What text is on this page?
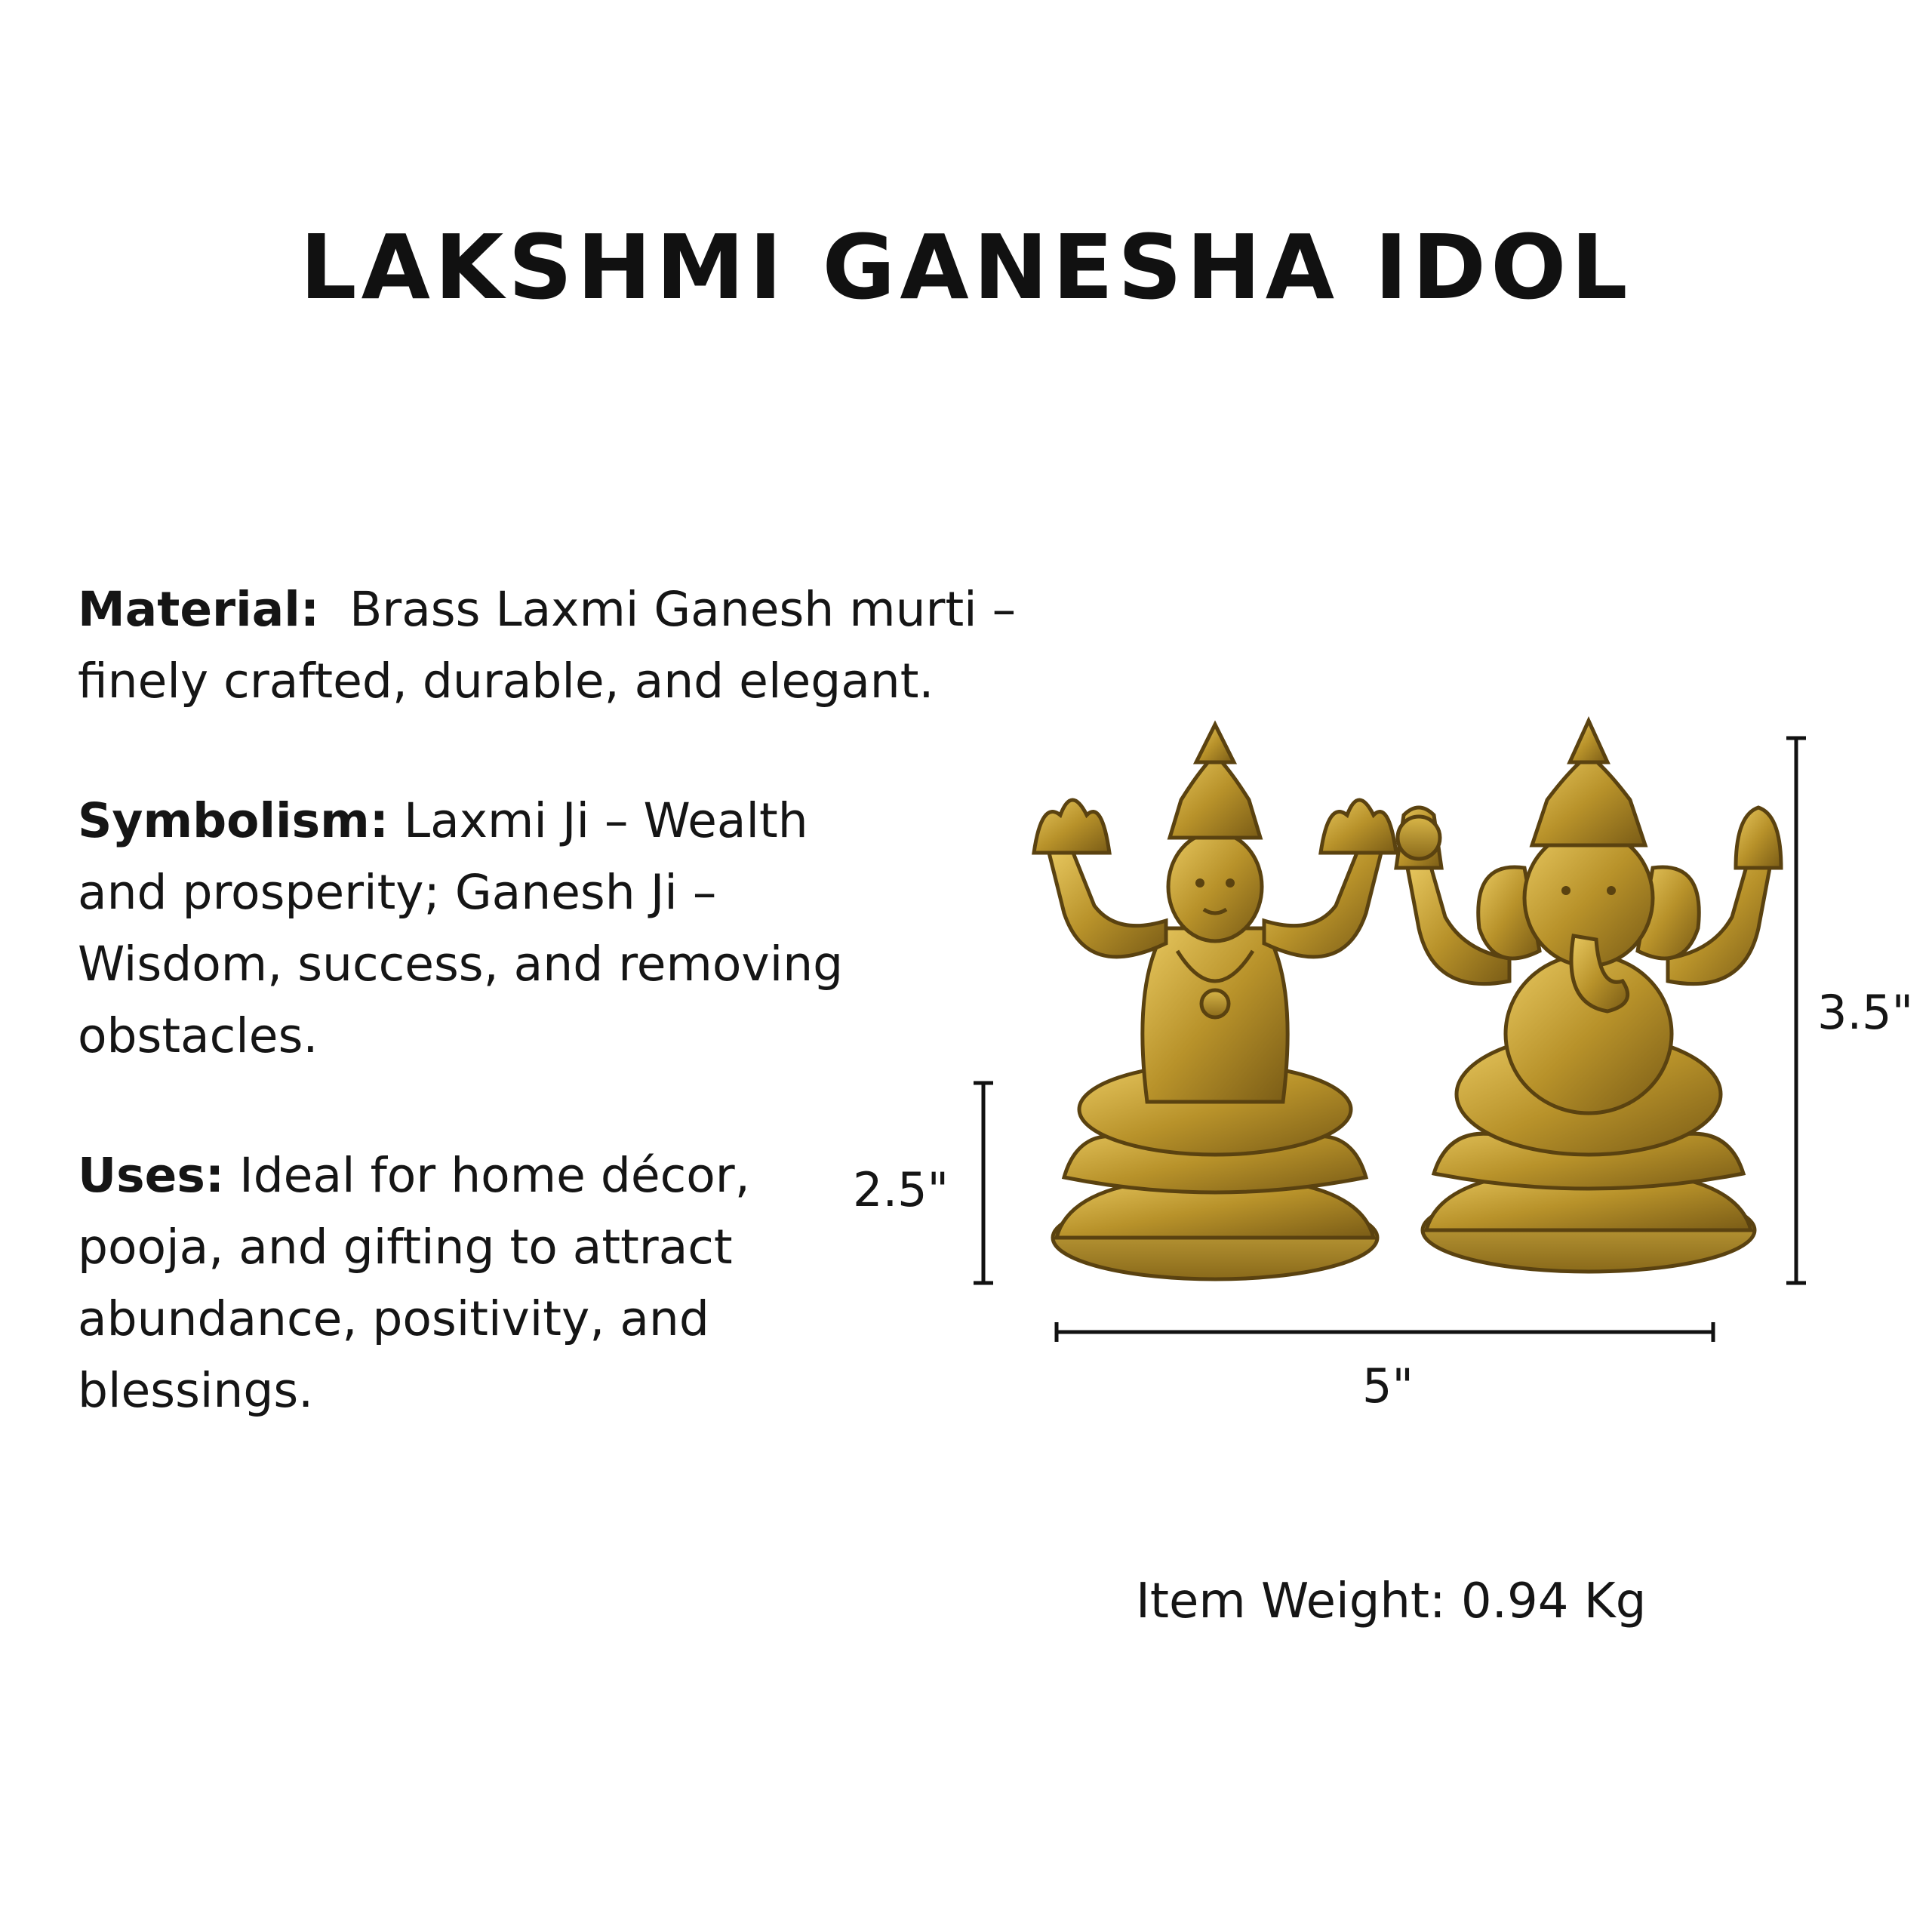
LAKSHMI GANESHA IDOL
Material: Brass Laxmi Ganesh murti – finely crafted, durable, and elegant.
Symbolism: Laxmi Ji – Wealth and prosperity; Ganesh Ji – Wisdom, success, and removing obstacles.
Uses: Ideal for home décor, pooja, and gifting to attract abundance, positivity, and blessings.
2.5"
3.5"
5"
Item Weight: 0.94 Kg
